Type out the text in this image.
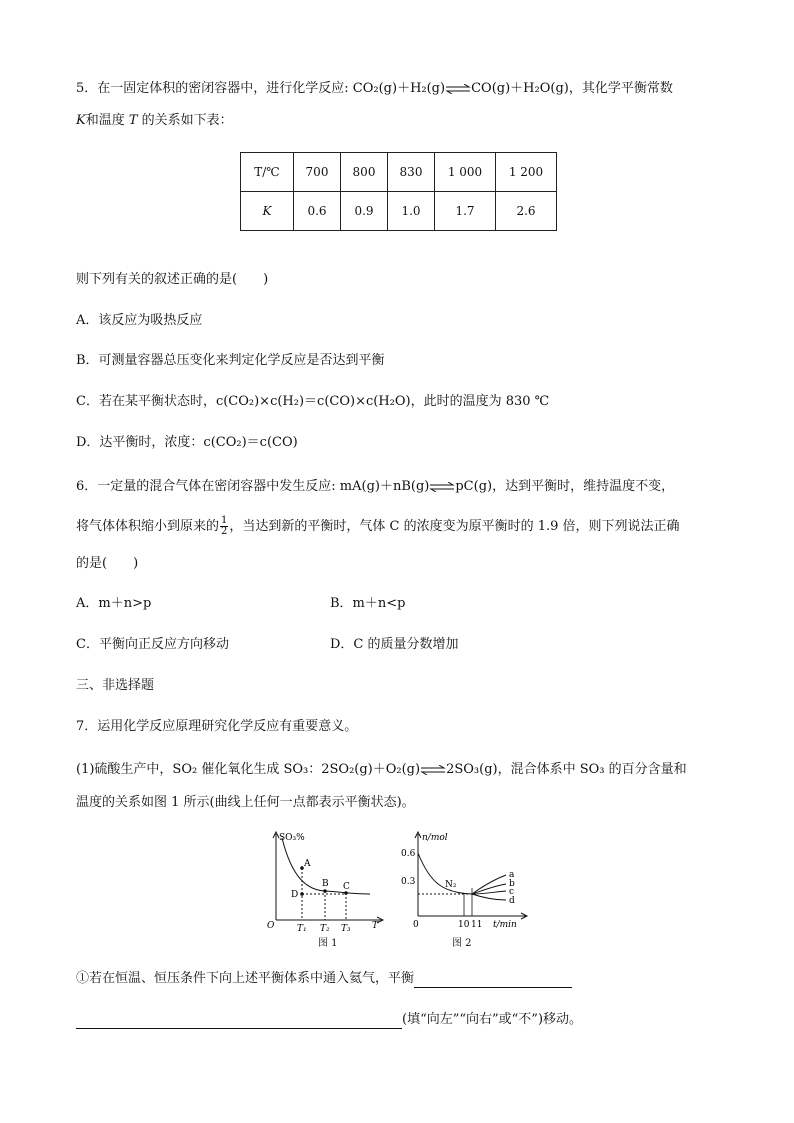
5．在一固定体积的密闭容器中，进行化学反应: CO₂(g)＋H₂(g)⇌CO(g)＋H₂O(g)，其化学平衡常数
K和温度 T 的关系如下表：
T/℃	700	800	830	1 000	1 200
K	0.6	0.9	1.0	1.7	2.6
则下列有关的叙述正确的是(　　)
A．该反应为吸热反应
B．可测量容器总压变化来判定化学反应是否达到平衡
C．若在某平衡状态时，c(CO₂)×c(H₂)＝c(CO)×c(H₂O)，此时的温度为 830 ℃
D．达平衡时，浓度：c(CO₂)＝c(CO)
6．一定量的混合气体在密闭容器中发生反应: mA(g)＋nB(g)⇌pC(g)，达到平衡时，维持温度不变，
将气体体积缩小到原来的 $\frac{1}{2}$ ，当达到新的平衡时，气体 C 的浓度变为原平衡时的 1.9 倍，则下列说法正确
的是(　　)
A．m＋n>p	B．m＋n<p
C．平衡向正反应方向移动	D．C 的质量分数增加
三、非选择题
7．运用化学反应原理研究化学反应有重要意义。
(1)硫酸生产中，SO₂ 催化氧化生成 SO₃：2SO₂(g)＋O₂(g)⇌2SO₃(g)，混合体系中 SO₃ 的百分含量和
温度的关系如图 1 所示(曲线上任何一点都表示平衡状态)。
SO₃%
O	T
A
B C
D
T₁ T₂ T₃
图 1
n/mol
0.6
0.3
0	10 11 t/min
N₂
a
b
c
d
图 2
①若在恒温、恒压条件下向上述平衡体系中通入氦气，平衡
(填“向左”“向右”或“不”)移动。
